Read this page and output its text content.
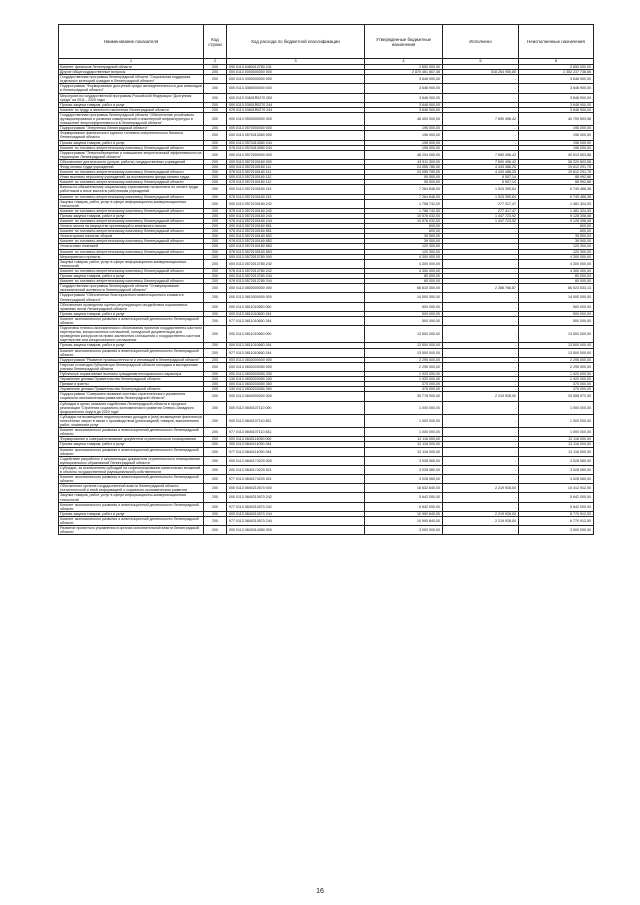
Наименование показателя	Код строки	Код расхода по бюджетной классификации	Утвержденные бюджетные назначения	Исполнено	Неисполненные назначения
1	2	3	4	5	6
Комитет финансов Ленинградской области	200	090 0113 6480013760 241	2 650 000,00	-	2 650 000,00
Другие общегосударственные вопросы	200	000 0113 0000000000 000	2 870 461 667,36	518 264 950,80	2 352 237 738,66
Государственная программа Ленинградской области "Социальная поддержка отдельных категорий граждан в Ленинградской области"	200	000 0113 0300000000 000	3 646 900,00	-	3 646 900,00
Подпрограмма "Формирование доступной среды жизнедеятельности для инвалидов в Ленинградской области"	200	000 0113 0360000000 000	3 646 900,00	-	3 646 900,00
Мероприятия государственной программы Российской Федерации "Доступная среда" на 2011 - 2020 годы	200	000 0113 03601R0270 000	3 646 900,00	-	3 646 900,00
Прочая закупка товаров, работ и услуг	200	000 0113 03601R0270 244	3 646 900,00	-	3 646 900,00
Комитет по труду и занятости населения Ленинградской области	200	976 0113 03601R0270 244	3 646 900,00	-	3 646 900,00
Государственная программа Ленинградской области "Обеспечение устойчивого функционирования и развития коммунальной и инженерной инфраструктуры и повышение энергоэффективности в Ленинградской области"	200	000 0113 0500000000 000	48 400 000,00	7 690 496,42	40 709 503,58
Подпрограмма "Энергетика Ленинградской области"	200	000 0113 0570000000 000	196 000,00	-	196 000,00
Формирование фактического единого топливно-энергетического баланса Ленинградской области	200	000 0113 0570413060 000	196 000,00	-	196 000,00
Прочая закупка товаров, работ и услуг	200	000 0113 0570413060 244	196 000,00	-	196 000,00
Комитет по топливно-энергетическому комплексу Ленинградской области	200	978 0113 0570413060 244	196 000,00	-	196 000,00
Подпрограмма "Энергосбережение и повышение энергетической эффективности на территории Ленинградской области"	200	000 0113 0572000000 000	48 204 000,00	7 690 496,42	40 513 503,58
Обеспечение деятельности (услуги, работы) государственных учреждений	200	000 0113 0572100160 000	43 911 300,00	7 690 496,42	36 220 803,58
Фонд оплаты труда учреждений	200	000 0113 0572100160 111	24 055 780,00	4 443 488,25	19 612 291,75
Комитет по топливно-энергетическому комплексу Ленинградской области	200	978 0113 0572100160 111	24 055 780,00	4 443 488,25	19 612 291,75
Иные выплаты персоналу учреждений, за исключением фонда оплаты труда	200	000 0113 0572100160 112	95 500,00	6 507,14	88 992,86
Комитет по топливно-энергетическому комплексу Ленинградской области	200	978 0113 0572100160 112	95 500,00	6 507,14	88 992,86
Взносы по обязательному социальному страхованию на выплаты по оплате труда работников и иные выплаты работникам учреждений	200	000 0113 0572100160 119	7 264 846,00	1 515 359,64	5 749 486,36
Комитет по топливно-энергетическому комплексу Ленинградской области	200	978 0113 0572100160 119	7 264 846,00	1 515 359,64	5 749 486,36
Закупка товаров, работ, услуг в сфере информационно-коммуникационных технологий	200	000 0113 0572100160 242	1 758 742,00	277 417,47	1 481 324,53
Комитет по топливно-энергетическому комплексу Ленинградской области	200	978 0113 0572100160 242	1 758 742,00	277 417,47	1 481 324,53
Прочая закупка товаров, работ и услуг	200	000 0113 0572100160 244	10 576 032,00	1 447 723,92	9 128 308,08
Комитет по топливно-энергетическому комплексу Ленинградской области	200	978 0113 0572100160 244	10 576 032,00	1 447 723,92	9 128 308,08
Уплата налога на имущество организаций и земельного налога	200	000 0113 0572100160 851	600,00	-	600,00
Комитет по топливно-энергетическому комплексу Ленинградской области	200	978 0113 0572100160 851	600,00	-	600,00
Уплата прочих налогов, сборов	200	000 0113 0572100160 852	39 500,00	-	39 500,00
Комитет по топливно-энергетическому комплексу Ленинградской области	200	978 0113 0572100160 852	39 500,00	-	39 500,00
Уплата иных платежей	200	000 0113 0572100160 853	120 300,00	-	120 300,00
Комитет по топливно-энергетическому комплексу Ленинградской области	200	978 0113 0572100160 853	120 300,00	-	120 300,00
Мероприятия и проекты	200	000 0113 0572013780 000	4 300 000,00	-	4 300 000,00
Закупка товаров, работ, услуг в сфере информационно-коммуникационных технологий	200	000 0113 0572013780 242	4 300 000,00	-	4 300 000,00
Комитет по топливно-энергетическому комплексу Ленинградской области	200	978 0113 0572013780 242	4 300 000,00	-	4 300 000,00
Прочая закупка товаров, работ и услуг	200	000 0113 0572013780 244	80 000,00	-	80 000,00
Комитет по топливно-энергетическому комплексу Ленинградской области	200	978 0113 0572013780 244	80 000,00	-	80 000,00
Государственная программа Ленинградской области "Стимулирование экономической активности Ленинградской области"	200	000 0113 0800000000 000	68 810 300,00	2 286 766,87	66 523 533,13
Подпрограмма "Обеспечение благоприятного инвестиционного климата в Ленинградской области"	200	000 0113 0810000000 000	14 000 000,00	-	14 000 000,00
Обеспечение проведения оценки регулирующего воздействия нормативных правовых актов Ленинградской области	200	000 0113 0811010650 000	500 000,00	-	500 000,00
Прочая закупка товаров, работ и услуг	200	000 0113 0811010650 244	500 000,00	-	500 000,00
Комитет экономического развития и инвестиционной деятельности Ленинградской области	200	977 0113 0811010650 244	500 000,00	-	500 000,00
Подготовка технико-экономического обоснования проектов государственно-частного партнерства, концессионных соглашений, конкурсной документации для проведения конкурсов на право заключения соглашения о государственно-частном партнерстве или концессионного соглашения	200	000 0113 0811010660 000	13 500 000,00	-	13 500 000,00
Прочая закупка товаров, работ и услуг	200	000 0113 0811010660 244	13 500 000,00	-	13 500 000,00
Комитет экономического развития и инвестиционной деятельности Ленинградской области	200	977 0113 0811010660 244	13 500 000,00	-	13 500 000,00
Подпрограмма "Развитие промышленности и инноваций в Ленинградской области"	200	000 0113 0830000000 000	2 295 000,00	-	2 295 000,00
Научная стипендия Губернатора Ленинградской области молодым и молодежным ученым Ленинградской области	200	000 0113 0830203050 000	2 295 000,00	-	2 295 000,00
Публичные нормативные выплаты гражданам несоциального характера	200	000 0113 0830203050 330	1 920 000,00	-	1 920 000,00
Управление делами Правительства Ленинградской области	200	130 0113 0830203050 330	1 920 000,00	-	1 920 000,00
Премии и гранты	200	000 0113 0830203050 350	375 000,00	-	375 000,00
Управление делами Правительства Ленинградской области	200	130 0113 0830203050 350	375 000,00	-	375 000,00
Подпрограмма "Совершенствование системы стратегического управления социально-экономическим развитием Ленинградской области"	200	000 0113 0840000000 000	35 778 900,00	2 219 928,00	33 558 972,00
Субсидия в целях оказания содействия Ленинградской области в процессе реализации "Стратегии социально-экономического развития Северо-Западного федерального округа до 2020 года"	200	000 0113 0840107110 000	1 000 000,00	-	1 000 000,00
Субсидии на возмещение недополученных доходов и (или) возмещение фактически понесенных затрат в связи с производством (реализацией) товаров, выполнением работ, оказанием услуг	200	000 0113 0840107110 831	1 000 000,00	-	1 000 000,00
Комитет экономического развития и инвестиционной деятельности Ленинградской области	200	977 0113 0840107110 831	1 000 000,00	-	1 000 000,00
Формирование и совершенствование документов стратегического планирования	200	000 0113 0840114050 000	12 116 000,00	-	12 116 000,00
Прочая закупка товаров, работ и услуг	200	000 0113 0840114050 244	12 116 000,00	-	12 116 000,00
Комитет экономического развития и инвестиционной деятельности Ленинградской области	200	977 0113 0840114050 244	12 116 000,00	-	12 116 000,00
Содействие разработке и актуализации документов стратегического планирования муниципальных образований Ленинградской области	200	000 0113 0840174220 000	3 028 060,00	-	3 028 060,00
Субсидии, за исключением субсидий на софинансирование капитальных вложений в объекты государственной (муниципальной) собственности	200	000 0113 0840174220 521	3 028 060,00	-	3 028 060,00
Комитет экономического развития и инвестиционной деятельности Ленинградской области	200	977 0113 0840174220 521	3 028 060,00	-	3 028 060,00
Обеспечение органов государственной власти Ленинградской области статистической и иной информацией о социально-экономическом развитии	200	000 0113 0840210570 000	16 632 840,00	2 219 928,00	14 412 912,00
Закупка товаров, работ, услуг в сфере информационно-коммуникационных технологий	200	000 0113 0840210570 242	5 642 000,00	-	5 642 000,00
Комитет экономического развития и инвестиционной деятельности Ленинградской области	200	977 0113 0840210570 242	5 642 000,00	-	5 642 000,00
Прочая закупка товаров, работ и услуг	200	000 0113 0840210570 244	10 990 840,00	2 219 928,00	8 770 912,00
Комитет экономического развития и инвестиционной деятельности Ленинградской области	200	977 0113 0840210570 244	10 990 840,00	2 219 928,00	8 770 912,00
Развитие проектного управления в органах исполнительной власти Ленинградской области	200	000 0113 0840314080 000	3 000 000,00	-	3 000 000,00
16
